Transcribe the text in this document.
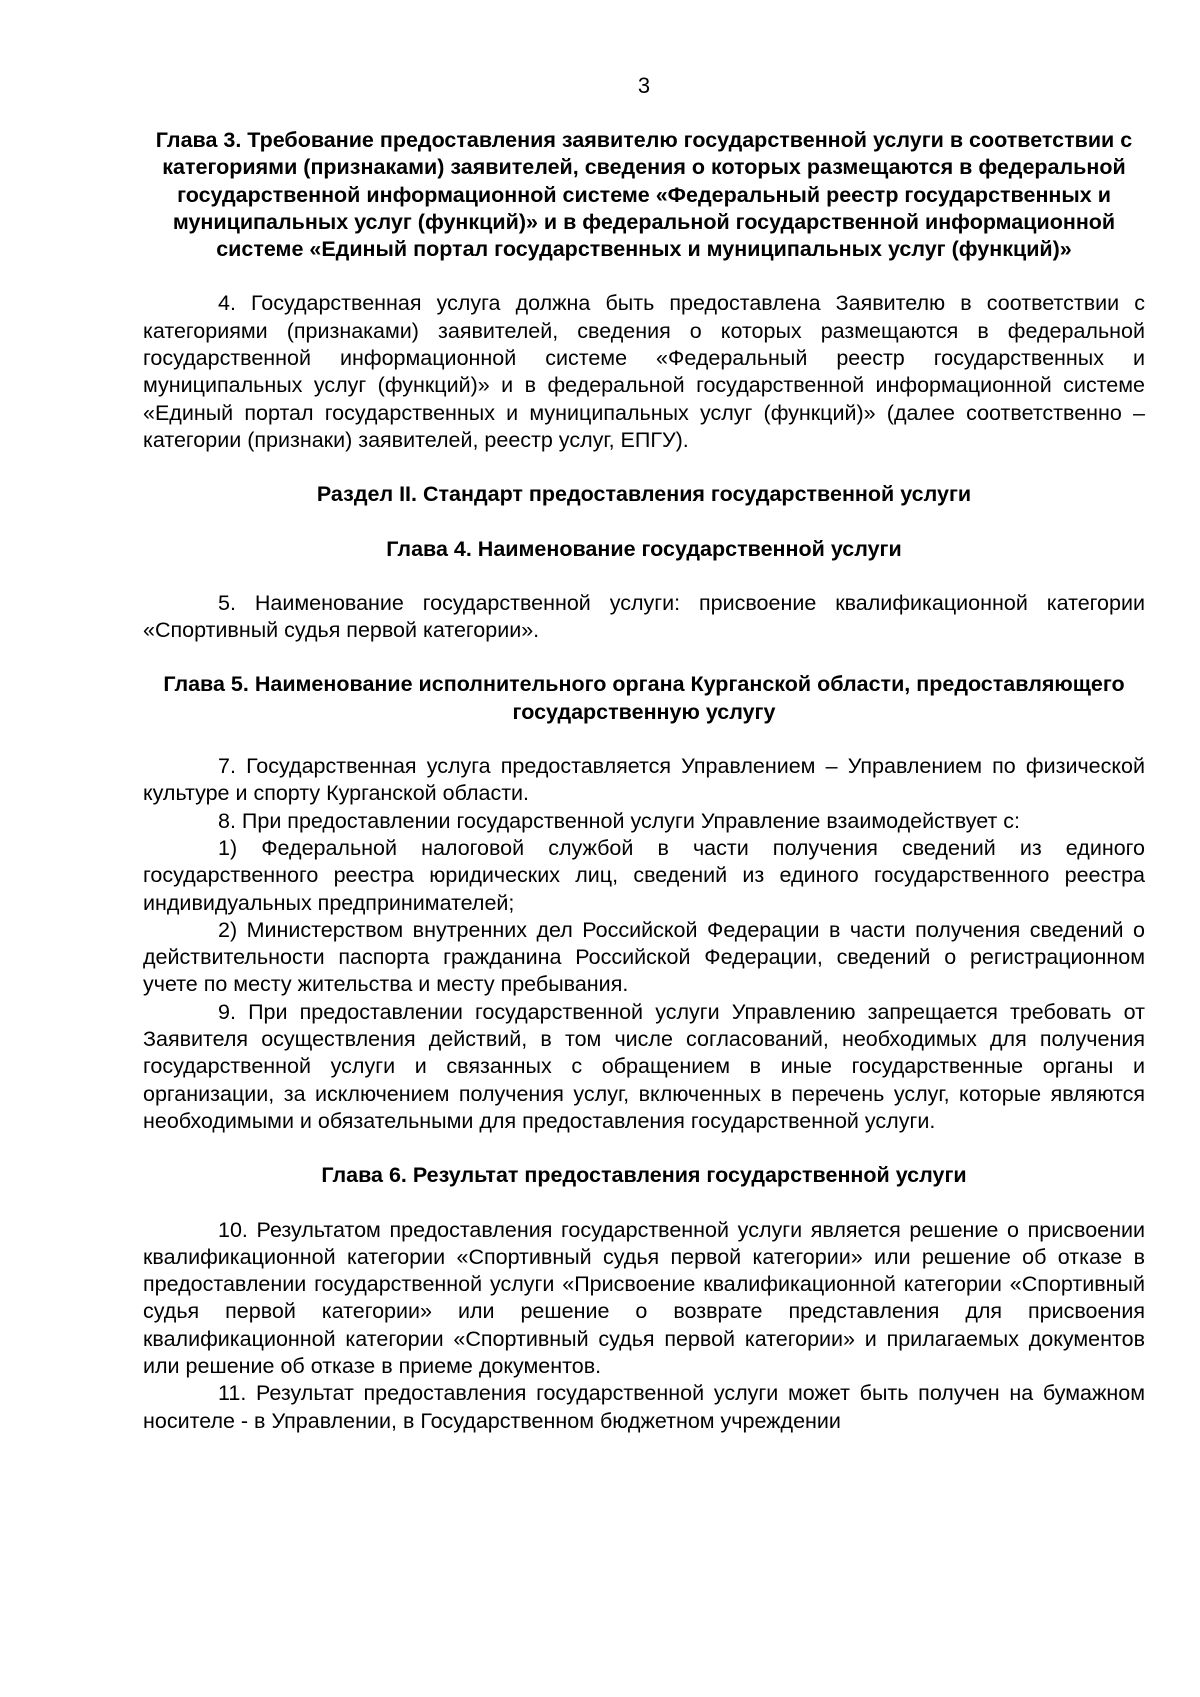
3

Глава 3. Требование предоставления заявителю государственной услуги в соответствии с категориями (признаками) заявителей, сведения о которых размещаются в федеральной государственной информационной системе «Федеральный реестр государственных и муниципальных услуг (функций)» и в федеральной государственной информационной системе «Единый портал государственных и муниципальных услуг (функций)»

4. Государственная услуга должна быть предоставлена Заявителю в соответствии с категориями (признаками) заявителей, сведения о которых размещаются в федеральной государственной информационной системе «Федеральный реестр государственных и муниципальных услуг (функций)» и в федеральной государственной информационной системе «Единый портал государственных и муниципальных услуг (функций)» (далее соответственно – категории (признаки) заявителей, реестр услуг, ЕПГУ).

Раздел II. Стандарт предоставления государственной услуги

Глава 4. Наименование государственной услуги

5. Наименование государственной услуги: присвоение квалификационной категории «Спортивный судья первой категории».

Глава 5. Наименование исполнительного органа Курганской области, предоставляющего государственную услугу

7. Государственная услуга предоставляется Управлением – Управлением по физической культуре и спорту Курганской области.

8. При предоставлении государственной услуги Управление взаимодействует с:

1) Федеральной налоговой службой в части получения сведений из единого государственного реестра юридических лиц, сведений из единого государственного реестра индивидуальных предпринимателей;

2) Министерством внутренних дел Российской Федерации в части получения сведений о действительности паспорта гражданина Российской Федерации, сведений о регистрационном учете по месту жительства и месту пребывания.

9. При предоставлении государственной услуги Управлению запрещается требовать от Заявителя осуществления действий, в том числе согласований, необходимых для получения государственной услуги и связанных с обращением в иные государственные органы и организации, за исключением получения услуг, включенных в перечень услуг, которые являются необходимыми и обязательными для предоставления государственной услуги.

Глава 6. Результат предоставления государственной услуги

10. Результатом предоставления государственной услуги является решение о присвоении квалификационной категории «Спортивный судья первой категории» или решение об отказе в предоставлении государственной услуги «Присвоение квалификационной категории «Спортивный судья первой категории» или решение о возврате представления для присвоения квалификационной категории «Спортивный судья первой категории» и прилагаемых документов или решение об отказе в приеме документов.

11. Результат предоставления государственной услуги может быть получен на бумажном носителе - в Управлении, в Государственном бюджетном учреждении
